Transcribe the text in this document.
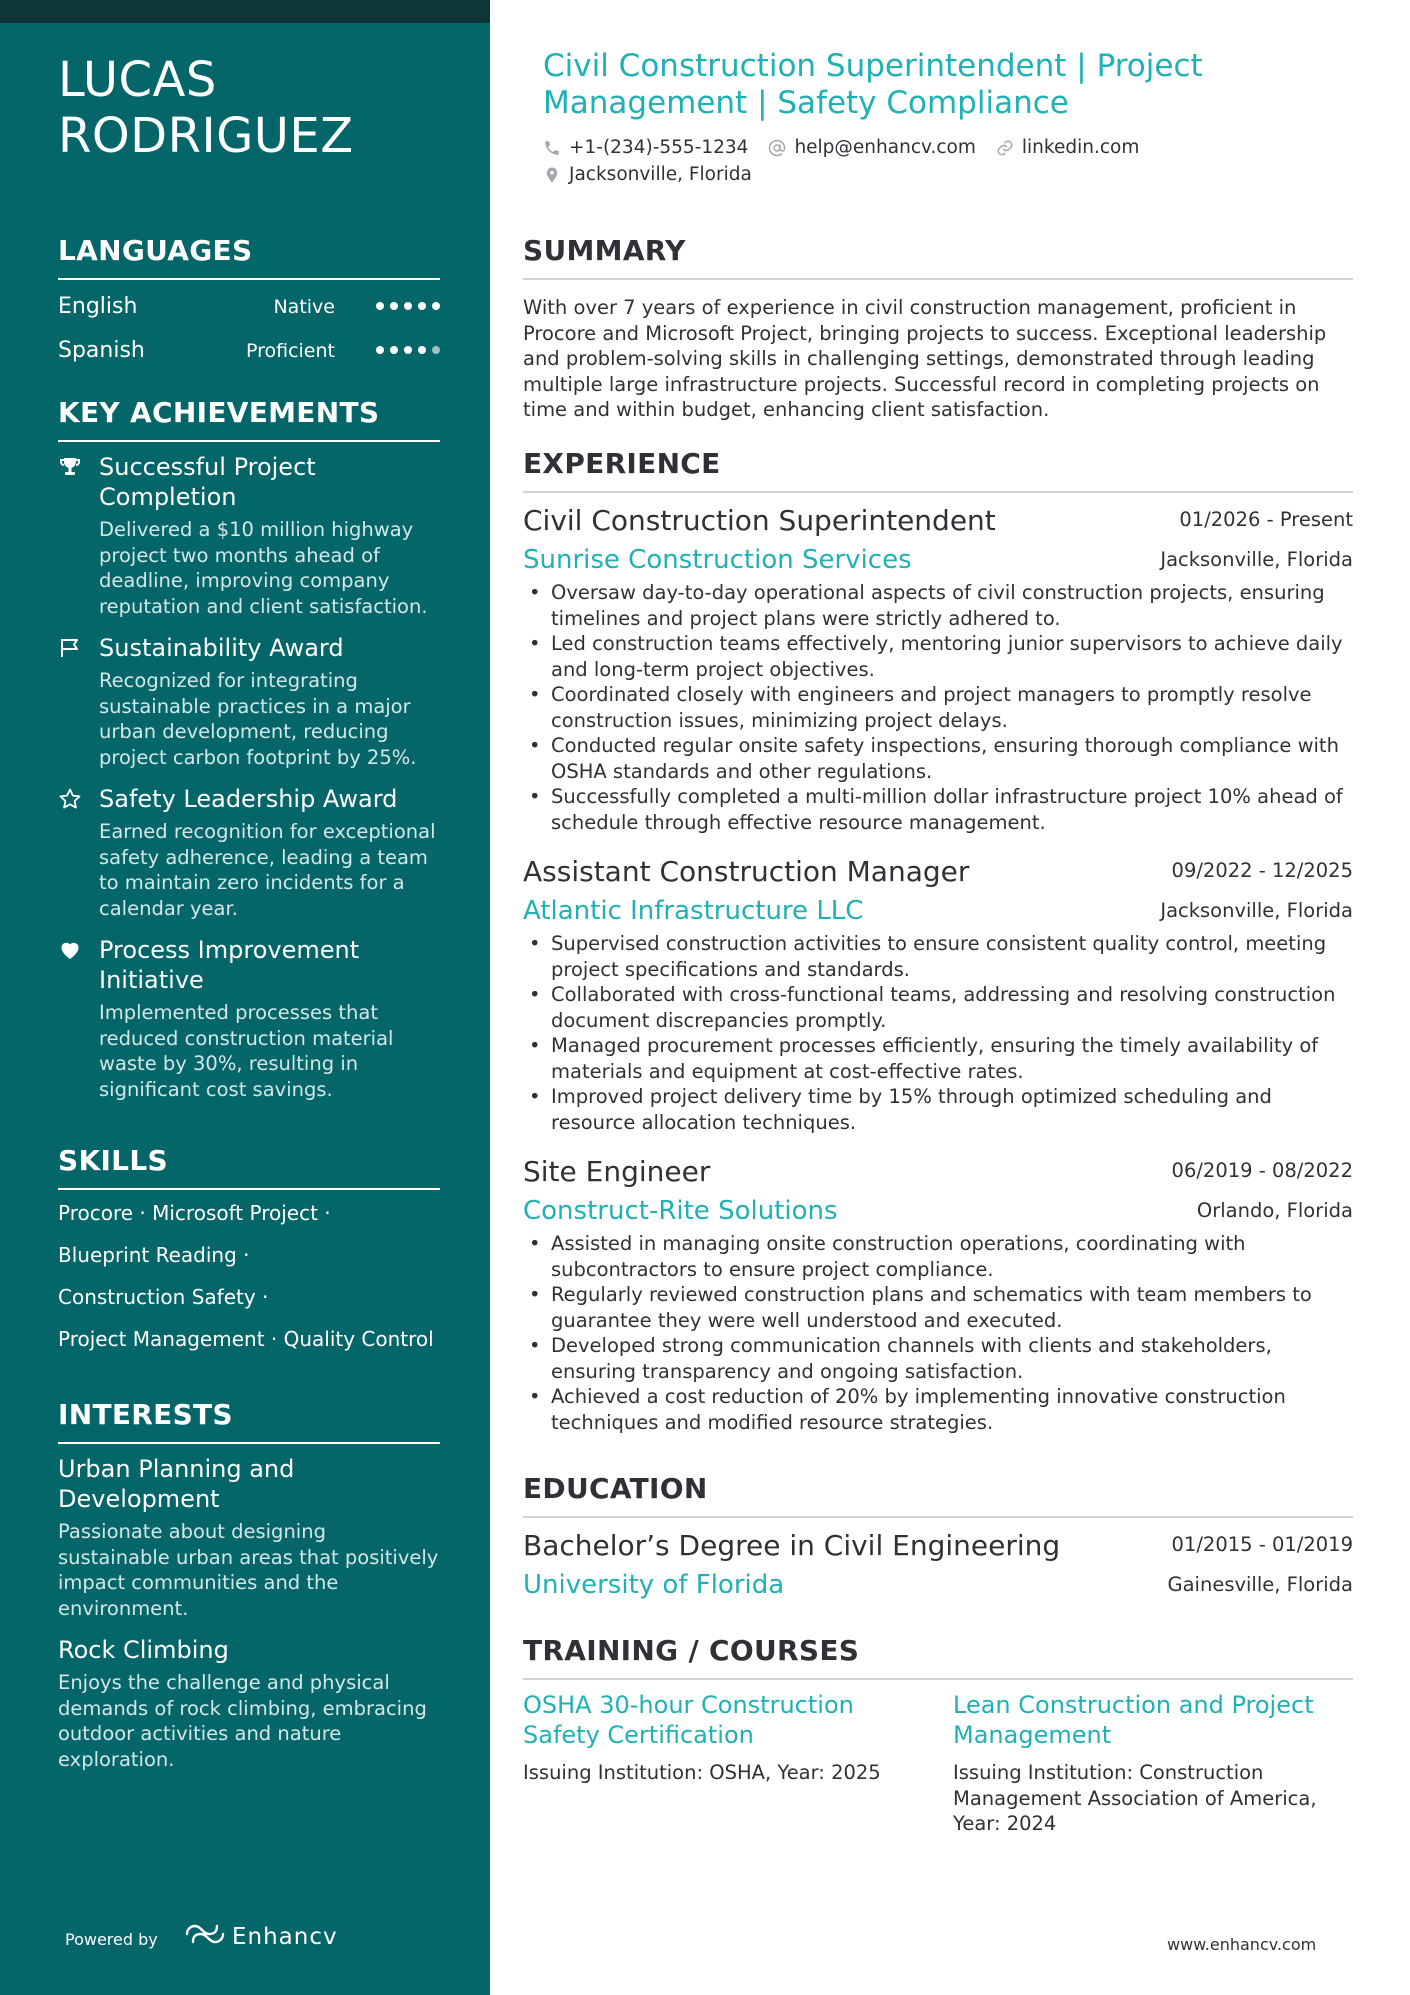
LUCAS RODRIGUEZ
LANGUAGES
English	Native
Spanish	Proficient
KEY ACHIEVEMENTS
Successful Project Completion
Delivered a $10 million highway project two months ahead of deadline, improving company reputation and client satisfaction.
Sustainability Award
Recognized for integrating sustainable practices in a major urban development, reducing project carbon footprint by 25%.
Safety Leadership Award
Earned recognition for exceptional safety adherence, leading a team to maintain zero incidents for a calendar year.
Process Improvement Initiative
Implemented processes that reduced construction material waste by 30%, resulting in significant cost savings.
SKILLS
Procore · Microsoft Project ·
Blueprint Reading ·
Construction Safety ·
Project Management · Quality Control
INTERESTS
Urban Planning and Development
Passionate about designing sustainable urban areas that positively impact communities and the environment.
Rock Climbing
Enjoys the challenge and physical demands of rock climbing, embracing outdoor activities and nature exploration.
Powered by	Enhancv
Civil Construction Superintendent | Project Management | Safety Compliance
+1-(234)-555-1234 help@enhancv.com linkedin.com
Jacksonville, Florida
SUMMARY

With over 7 years of experience in civil construction management, proficient in Procore and Microsoft Project, bringing projects to success. Exceptional leadership and problem-solving skills in challenging settings, demonstrated through leading multiple large infrastructure projects. Successful record in completing projects on time and within budget, enhancing client satisfaction.

EXPERIENCE
Civil Construction Superintendent	01/2026 - Present
Sunrise Construction Services	Jacksonville, Florida
• Oversaw day-to-day operational aspects of civil construction projects, ensuring timelines and project plans were strictly adhered to.
• Led construction teams effectively, mentoring junior supervisors to achieve daily and long-term project objectives.
• Coordinated closely with engineers and project managers to promptly resolve construction issues, minimizing project delays.
• Conducted regular onsite safety inspections, ensuring thorough compliance with OSHA standards and other regulations.
• Successfully completed a multi-million dollar infrastructure project 10% ahead of schedule through effective resource management.
Assistant Construction Manager	09/2022 - 12/2025
Atlantic Infrastructure LLC	Jacksonville, Florida
• Supervised construction activities to ensure consistent quality control, meeting project specifications and standards.
• Collaborated with cross-functional teams, addressing and resolving construction document discrepancies promptly.
• Managed procurement processes efficiently, ensuring the timely availability of materials and equipment at cost-effective rates.
• Improved project delivery time by 15% through optimized scheduling and resource allocation techniques.
Site Engineer	06/2019 - 08/2022
Construct-Rite Solutions	Orlando, Florida
• Assisted in managing onsite construction operations, coordinating with subcontractors to ensure project compliance.
• Regularly reviewed construction plans and schematics with team members to guarantee they were well understood and executed.
• Developed strong communication channels with clients and stakeholders, ensuring transparency and ongoing satisfaction.
• Achieved a cost reduction of 20% by implementing innovative construction techniques and modified resource strategies.
EDUCATION
Bachelor’s Degree in Civil Engineering	01/2015 - 01/2019
University of Florida	Gainesville, Florida
TRAINING / COURSES
OSHA 30-hour Construction Safety Certification
Issuing Institution: OSHA, Year: 2025
Lean Construction and Project Management
Issuing Institution: Construction Management Association of America, Year: 2024
www.enhancv.com
